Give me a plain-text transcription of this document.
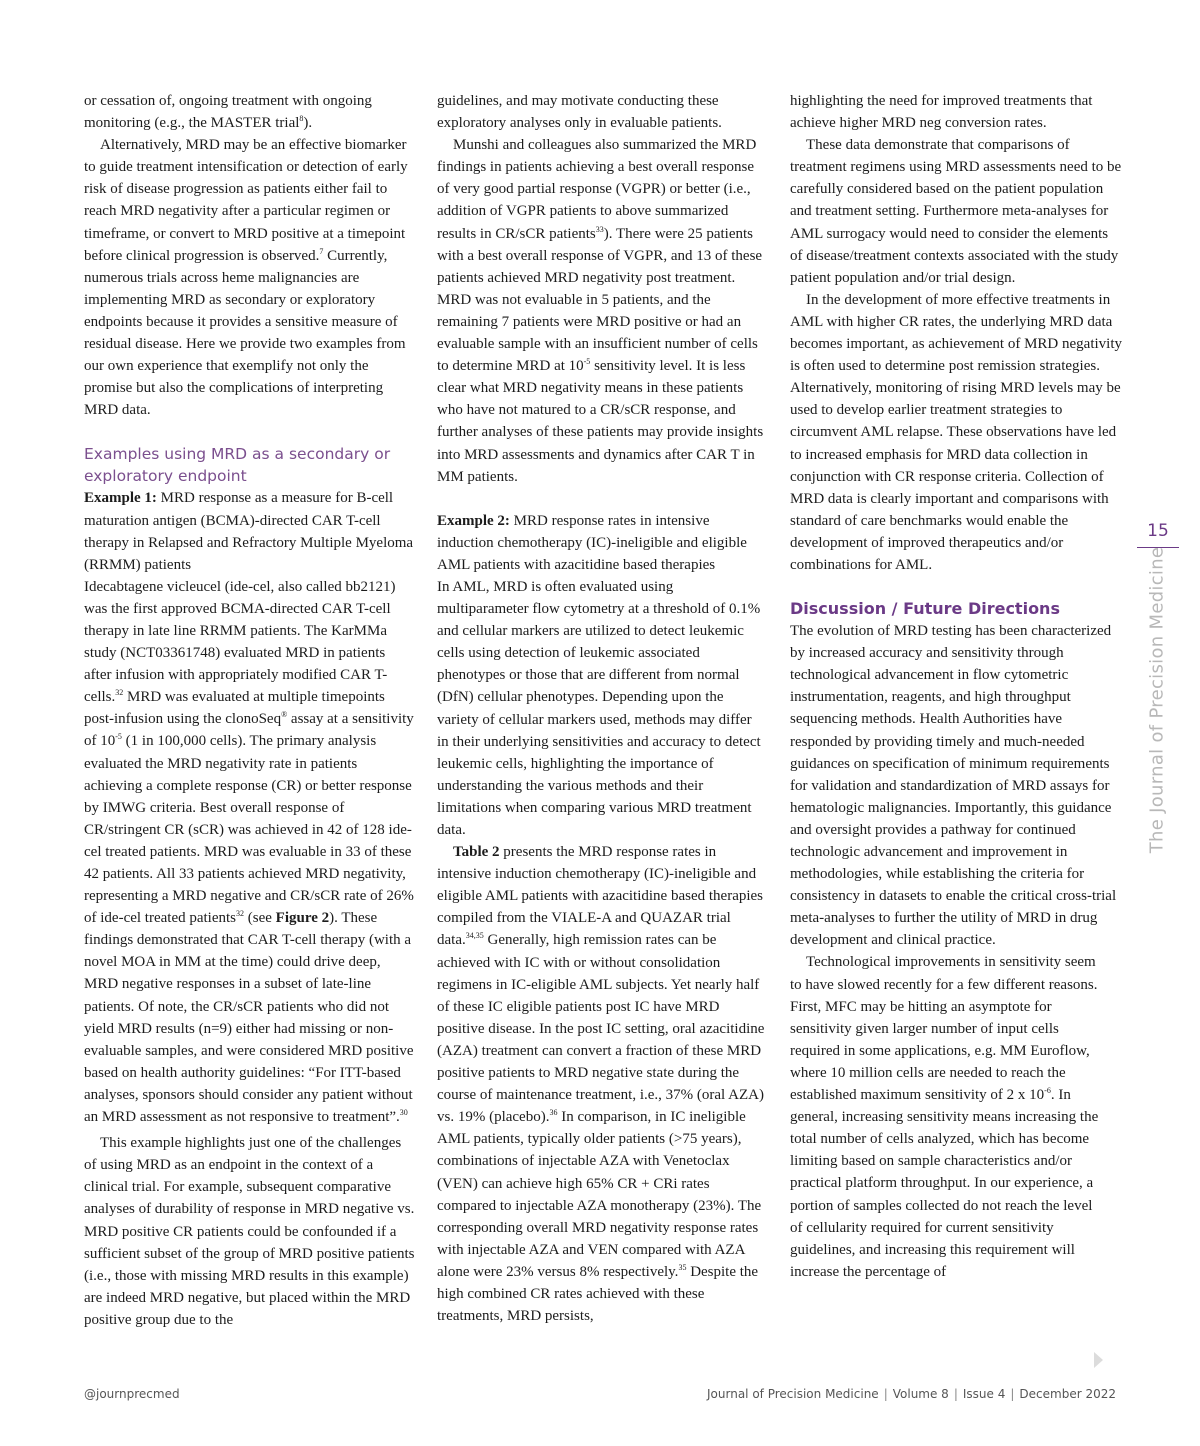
or cessation of, ongoing treatment with ongoing monitoring (e.g., the MASTER trial$^8$).

Alternatively, MRD may be an effective biomarker to guide treatment intensification or detection of early risk of disease progression as patients either fail to reach MRD negativity after a particular regimen or timeframe, or convert to MRD positive at a timepoint before clinical progression is observed.$^7$ Currently, numerous trials across heme malignancies are implementing MRD as secondary or exploratory endpoints because it provides a sensitive measure of residual disease. Here we provide two examples from our own experience that exemplify not only the promise but also the complications of interpreting MRD data.

Examples using MRD as a secondary or exploratory endpoint

Example 1: MRD response as a measure for B-cell maturation antigen (BCMA)-directed CAR T-cell therapy in Relapsed and Refractory Multiple Myeloma (RRMM) patients

Idecabtagene vicleucel (ide-cel, also called bb2121) was the first approved BCMA-directed CAR T-cell therapy in late line RRMM patients. The KarMMa study (NCT03361748) evaluated MRD in patients after infusion with appropriately modified CAR T-cells.$^{32}$ MRD was evaluated at multiple timepoints post-infusion using the clonoSeq® assay at a sensitivity of $10^{-5}$ (1 in 100,000 cells). The primary analysis evaluated the MRD negativity rate in patients achieving a complete response (CR) or better response by IMWG criteria. Best overall response of CR/stringent CR (sCR) was achieved in 42 of 128 ide-cel treated patients. MRD was evaluable in 33 of these 42 patients. All 33 patients achieved MRD negativity, representing a MRD negative and CR/sCR rate of 26% of ide-cel treated patients$^{32}$ (see Figure 2). These findings demonstrated that CAR T-cell therapy (with a novel MOA in MM at the time) could drive deep, MRD negative responses in a subset of late-line patients. Of note, the CR/sCR patients who did not yield MRD results (n=9) either had missing or non-evaluable samples, and were considered MRD positive based on health authority guidelines: “For ITT-based analyses, sponsors should consider any patient without an MRD assessment as not responsive to treatment”.$^{30}$

This example highlights just one of the challenges of using MRD as an endpoint in the context of a clinical trial. For example, subsequent comparative analyses of durability of response in MRD negative vs. MRD positive CR patients could be confounded if a sufficient subset of the group of MRD positive patients (i.e., those with missing MRD results in this example) are indeed MRD negative, but placed within the MRD positive group due to the

guidelines, and may motivate conducting these exploratory analyses only in evaluable patients.

Munshi and colleagues also summarized the MRD findings in patients achieving a best overall response of very good partial response (VGPR) or better (i.e., addition of VGPR patients to above summarized results in CR/sCR patients$^{33}$). There were 25 patients with a best overall response of VGPR, and 13 of these patients achieved MRD negativity post treatment. MRD was not evaluable in 5 patients, and the remaining 7 patients were MRD positive or had an evaluable sample with an insufficient number of cells to determine MRD at $10^{-5}$ sensitivity level. It is less clear what MRD negativity means in these patients who have not matured to a CR/sCR response, and further analyses of these patients may provide insights into MRD assessments and dynamics after CAR T in MM patients.

Example 2: MRD response rates in intensive induction chemotherapy (IC)-ineligible and eligible AML patients with azacitidine based therapies

In AML, MRD is often evaluated using multiparameter flow cytometry at a threshold of 0.1% and cellular markers are utilized to detect leukemic cells using detection of leukemic associated phenotypes or those that are different from normal (DfN) cellular phenotypes. Depending upon the variety of cellular markers used, methods may differ in their underlying sensitivities and accuracy to detect leukemic cells, highlighting the importance of understanding the various methods and their limitations when comparing various MRD treatment data.

Table 2 presents the MRD response rates in intensive induction chemotherapy (IC)-ineligible and eligible AML patients with azacitidine based therapies compiled from the VIALE-A and QUAZAR trial data.$^{34,35}$ Generally, high remission rates can be achieved with IC with or without consolidation regimens in IC-eligible AML subjects. Yet nearly half of these IC eligible patients post IC have MRD positive disease. In the post IC setting, oral azacitidine (AZA) treatment can convert a fraction of these MRD positive patients to MRD negative state during the course of maintenance treatment, i.e., 37% (oral AZA) vs. 19% (placebo).$^{36}$ In comparison, in IC ineligible AML patients, typically older patients (>75 years), combinations of injectable AZA with Venetoclax (VEN) can achieve high 65% CR + CRi rates compared to injectable AZA monotherapy (23%). The corresponding overall MRD negativity response rates with injectable AZA and VEN compared with AZA alone were 23% versus 8% respectively.$^{35}$ Despite the high combined CR rates achieved with these treatments, MRD persists,

highlighting the need for improved treatments that achieve higher MRD neg conversion rates.

These data demonstrate that comparisons of treatment regimens using MRD assessments need to be carefully considered based on the patient population and treatment setting. Furthermore meta-analyses for AML surrogacy would need to consider the elements of disease/treatment contexts associated with the study patient population and/or trial design.

In the development of more effective treatments in AML with higher CR rates, the underlying MRD data becomes important, as achievement of MRD negativity is often used to determine post remission strategies. Alternatively, monitoring of rising MRD levels may be used to develop earlier treatment strategies to circumvent AML relapse. These observations have led to increased emphasis for MRD data collection in conjunction with CR response criteria. Collection of MRD data is clearly important and comparisons with standard of care benchmarks would enable the development of improved therapeutics and/or combinations for AML.

Discussion / Future Directions

The evolution of MRD testing has been characterized by increased accuracy and sensitivity through technological advancement in flow cytometric instrumentation, reagents, and high throughput sequencing methods. Health Authorities have responded by providing timely and much-needed guidances on specification of minimum requirements for validation and standardization of MRD assays for hematologic malignancies. Importantly, this guidance and oversight provides a pathway for continued technologic advancement and improvement in methodologies, while establishing the criteria for consistency in datasets to enable the critical cross-trial meta-analyses to further the utility of MRD in drug development and clinical practice.

Technological improvements in sensitivity seem to have slowed recently for a few different reasons. First, MFC may be hitting an asymptote for sensitivity given larger number of input cells required in some applications, e.g. MM Euroflow, where 10 million cells are needed to reach the established maximum sensitivity of 2 x $10^{-6}$. In general, increasing sensitivity means increasing the total number of cells analyzed, which has become limiting based on sample characteristics and/or practical platform throughput. In our experience, a portion of samples collected do not reach the level of cellularity required for current sensitivity guidelines, and increasing this requirement will increase the percentage of

15
The Journal of Precision Medicine
@journprecmed	Journal of Precision Medicine | Volume 8 | Issue 4 | December 2022
